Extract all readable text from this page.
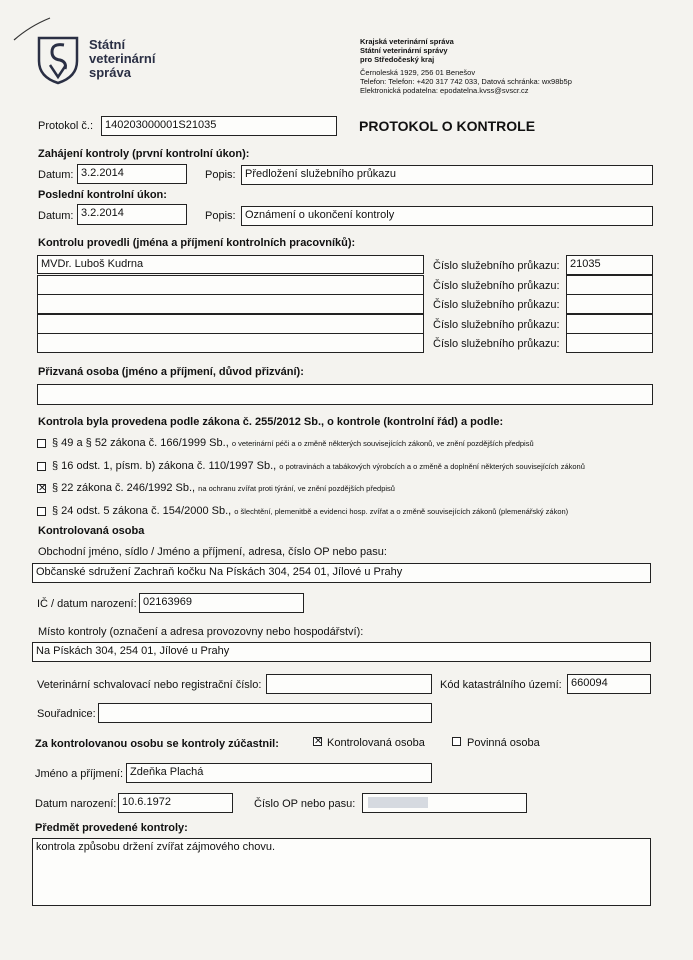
Státní
veterinární
správa
Krajská veterinární správa
Státní veterinární správy
pro Středočeský kraj
Černoleská 1929, 256 01 Benešov
Telefon: Telefon: +420 317 742 033, Datová schránka: wx98b5p
Elektronická podatelna: epodatelna.kvss@svscr.cz
Protokol č.:	140203000001S21035	PROTOKOL O KONTROLE
Zahájení kontroly (první kontrolní úkon):
Datum: 3.2.2014	Popis: Předložení služebního průkazu
Poslední kontrolní úkon:
Datum: 3.2.2014	Popis: Oznámení o ukončení kontroly
Kontrolu provedli (jména a příjmení kontrolních pracovníků):
MVDr. Luboš Kudrna	Číslo služebního průkazu: 21035
Číslo služebního průkazu:
Číslo služebního průkazu:
Číslo služebního průkazu:
Číslo služebního průkazu:
Přizvaná osoba (jméno a příjmení, důvod přizvání):
Kontrola byla provedena podle zákona č. 255/2012 Sb., o kontrole (kontrolní řád) a podle:
§ 49 a § 52 zákona č. 166/1999 Sb., o veterinární péči a o změně některých souvisejících zákonů, ve znění pozdějších předpisů
§ 16 odst. 1, písm. b) zákona č. 110/1997 Sb., o potravinách a tabákových výrobcích a o změně a doplnění některých souvisejících zákonů
✕ § 22 zákona č. 246/1992 Sb., na ochranu zvířat proti týrání, ve znění pozdějších předpisů
§ 24 odst. 5 zákona č. 154/2000 Sb., o šlechtění, plemenitbě a evidenci hosp. zvířat a o změně souvisejících zákonů (plemenářský zákon)
Kontrolovaná osoba
Obchodní jméno, sídlo / Jméno a příjmení, adresa, číslo OP nebo pasu:
Občanské sdružení Zachraň kočku Na Pískách 304, 254 01, Jílové u Prahy
IČ / datum narození: 02163969
Místo kontroly (označení a adresa provozovny nebo hospodářství):
Na Pískách 304, 254 01, Jílové u Prahy
Veterinární schvalovací nebo registrační číslo:	Kód katastrálního území: 660094
Souřadnice:
Za kontrolovanou osobu se kontroly zúčastnil:	✕ Kontrolovaná osoba	Povinná osoba
Jméno a příjmení: Zdeňka Plachá
Datum narození: 10.6.1972	Číslo OP nebo pasu:
Předmět provedené kontroly:
kontrola způsobu držení zvířat zájmového chovu.
